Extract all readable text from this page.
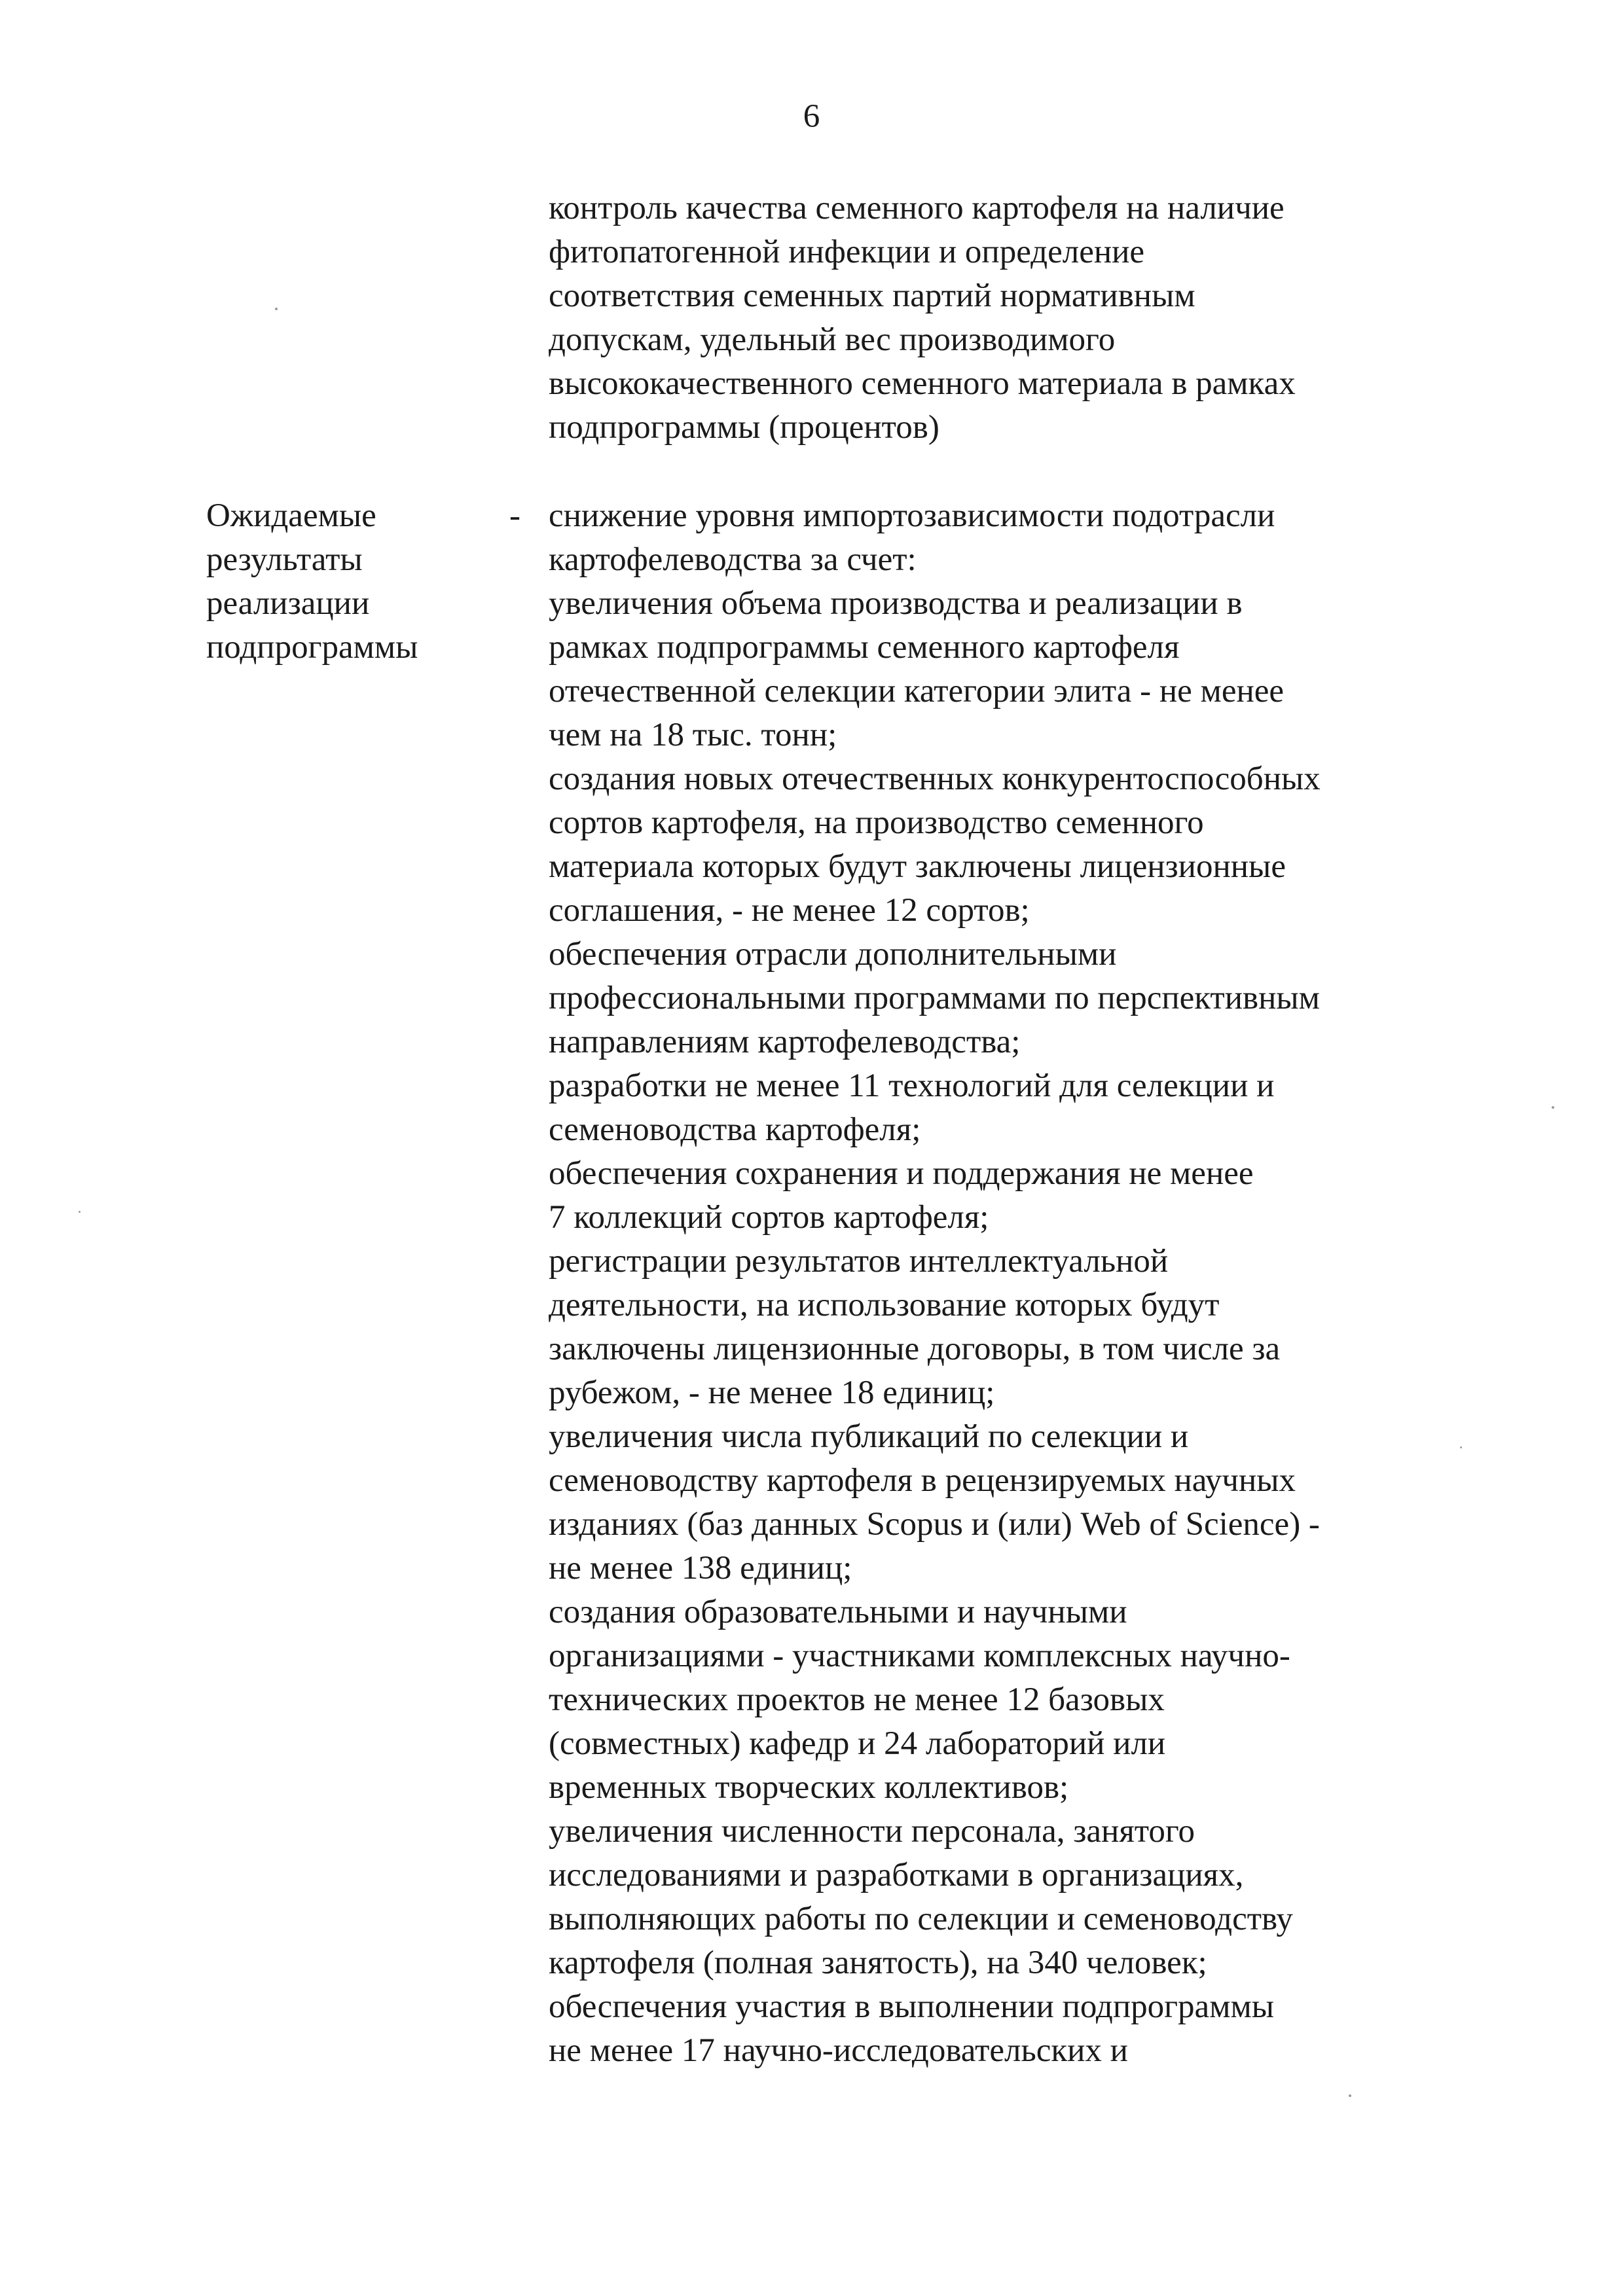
6
контроль качества семенного картофеля на наличие
фитопатогенной инфекции и определение
соответствия семенных партий нормативным
допускам, удельный вес производимого
высококачественного семенного материала в рамках
подпрограммы (процентов)
Ожидаемые
результаты
реализации
подпрограммы
- снижение уровня импортозависимости подотрасли
картофелеводства за счет:
увеличения объема производства и реализации в
рамках подпрограммы семенного картофеля
отечественной селекции категории элита - не менее
чем на 18 тыс. тонн;
создания новых отечественных конкурентоспособных
сортов картофеля, на производство семенного
материала которых будут заключены лицензионные
соглашения, - не менее 12 сортов;
обеспечения отрасли дополнительными
профессиональными программами по перспективным
направлениям картофелеводства;
разработки не менее 11 технологий для селекции и
семеноводства картофеля;
обеспечения сохранения и поддержания не менее
7 коллекций сортов картофеля;
регистрации результатов интеллектуальной
деятельности, на использование которых будут
заключены лицензионные договоры, в том числе за
рубежом, - не менее 18 единиц;
увеличения числа публикаций по селекции и
семеноводству картофеля в рецензируемых научных
изданиях (баз данных Scopus и (или) Web of Science) -
не менее 138 единиц;
создания образовательными и научными
организациями - участниками комплексных научно-
технических проектов не менее 12 базовых
(совместных) кафедр и 24 лабораторий или
временных творческих коллективов;
увеличения численности персонала, занятого
исследованиями и разработками в организациях,
выполняющих работы по селекции и семеноводству
картофеля (полная занятость), на 340 человек;
обеспечения участия в выполнении подпрограммы
не менее 17 научно-исследовательских и
